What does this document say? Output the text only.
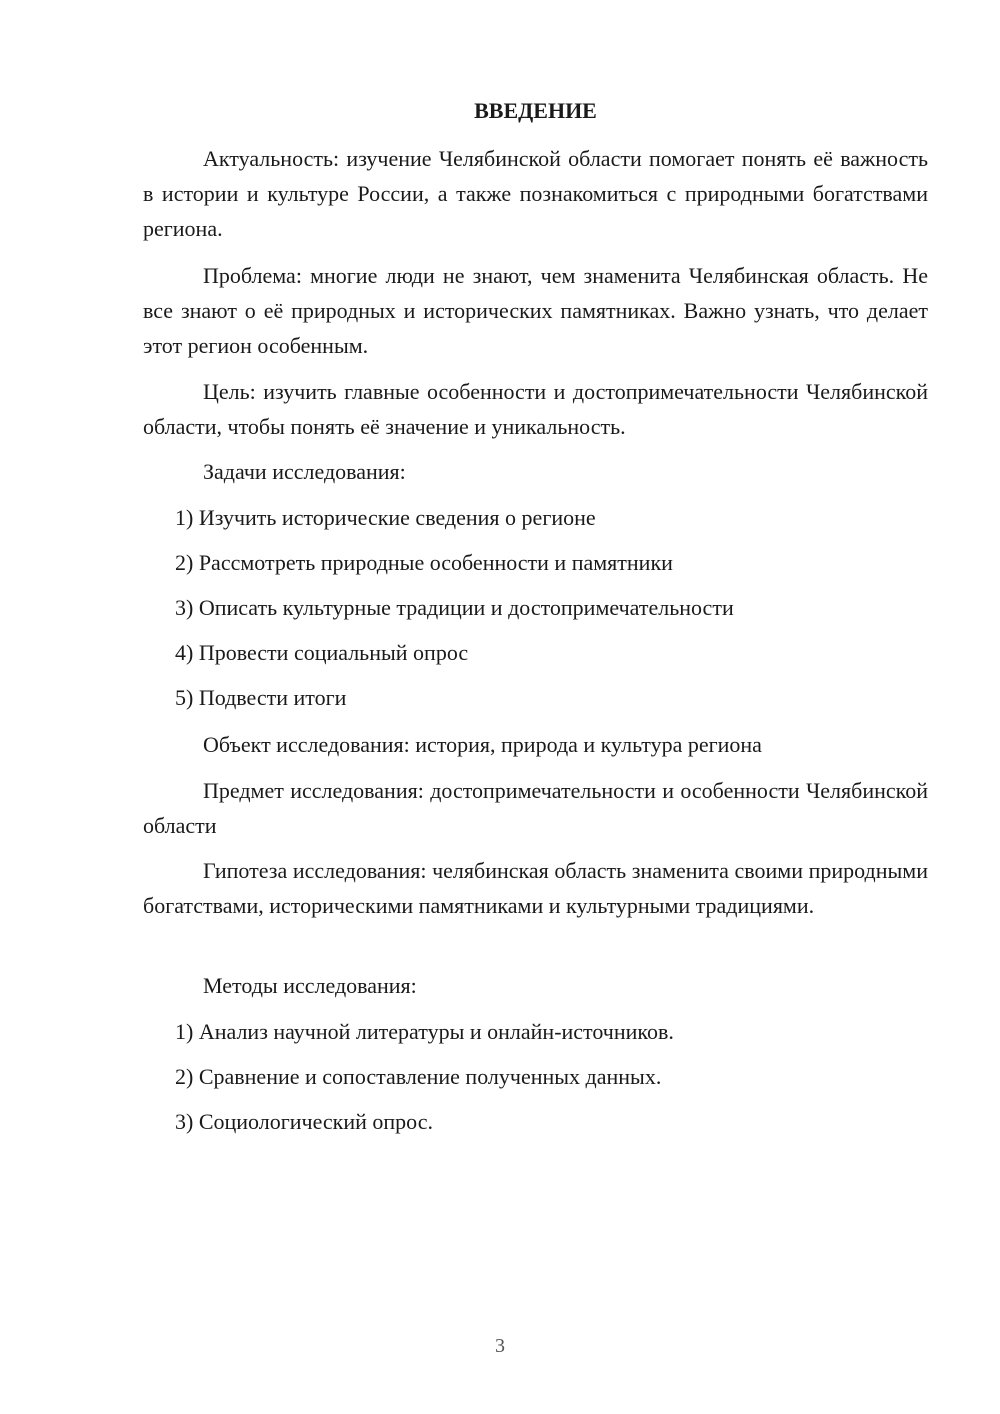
ВВЕДЕНИЕ

Актуальность: изучение Челябинской области помогает понять её важность в истории и культуре России, а также познакомиться с природными богатствами региона.

Проблема: многие люди не знают, чем знаменита Челябинская область. Не все знают о её природных и исторических памятниках. Важно узнать, что делает этот регион особенным.

Цель: изучить главные особенности и достопримечательности Челябинской области, чтобы понять её значение и уникальность.

Задачи исследования:

1) Изучить исторические сведения о регионе

2) Рассмотреть природные особенности и памятники

3) Описать культурные традиции и достопримечательности

4) Провести социальный опрос

5) Подвести итоги

Объект исследования: история, природа и культура региона

Предмет исследования: достопримечательности и особенности Челябинской области

Гипотеза исследования: челябинская область знаменита своими природными богатствами, историческими памятниками и культурными традициями.

Методы исследования:

1) Анализ научной литературы и онлайн-источников.

2) Сравнение и сопоставление полученных данных.

3) Социологический опрос.

3
